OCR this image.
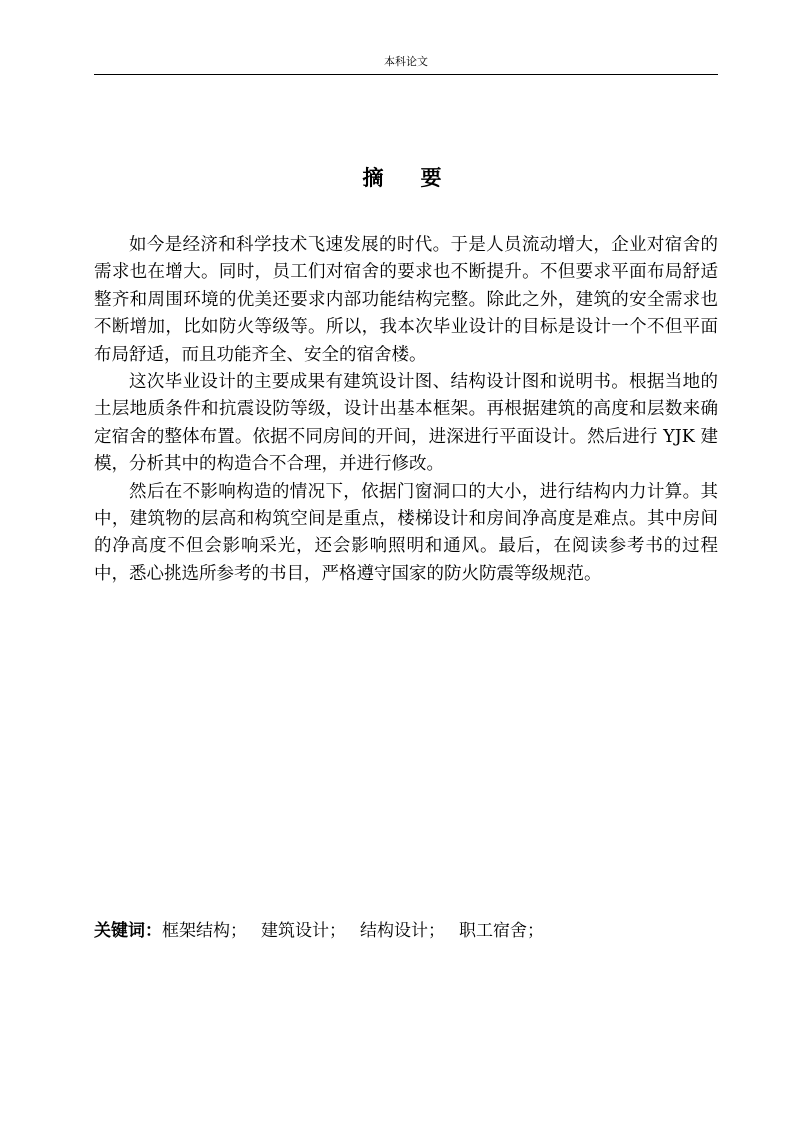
本科论文
摘　要

如今是经济和科学技术飞速发展的时代。于是人员流动增大，企业对宿舍的需求也在增大。同时，员工们对宿舍的要求也不断提升。不但要求平面布局舒适整齐和周围环境的优美还要求内部功能结构完整。除此之外，建筑的安全需求也不断增加，比如防火等级等。所以，我本次毕业设计的目标是设计一个不但平面布局舒适，而且功能齐全、安全的宿舍楼。

这次毕业设计的主要成果有建筑设计图、结构设计图和说明书。根据当地的土层地质条件和抗震设防等级，设计出基本框架。再根据建筑的高度和层数来确定宿舍的整体布置。依据不同房间的开间，进深进行平面设计。然后进行 YJK 建模，分析其中的构造合不合理，并进行修改。

然后在不影响构造的情况下，依据门窗洞口的大小，进行结构内力计算。其中，建筑物的层高和构筑空间是重点，楼梯设计和房间净高度是难点。其中房间的净高度不但会影响采光，还会影响照明和通风。最后，在阅读参考书的过程中，悉心挑选所参考的书目，严格遵守国家的防火防震等级规范。

关键词：框架结构； 建筑设计； 结构设计； 职工宿舍；
